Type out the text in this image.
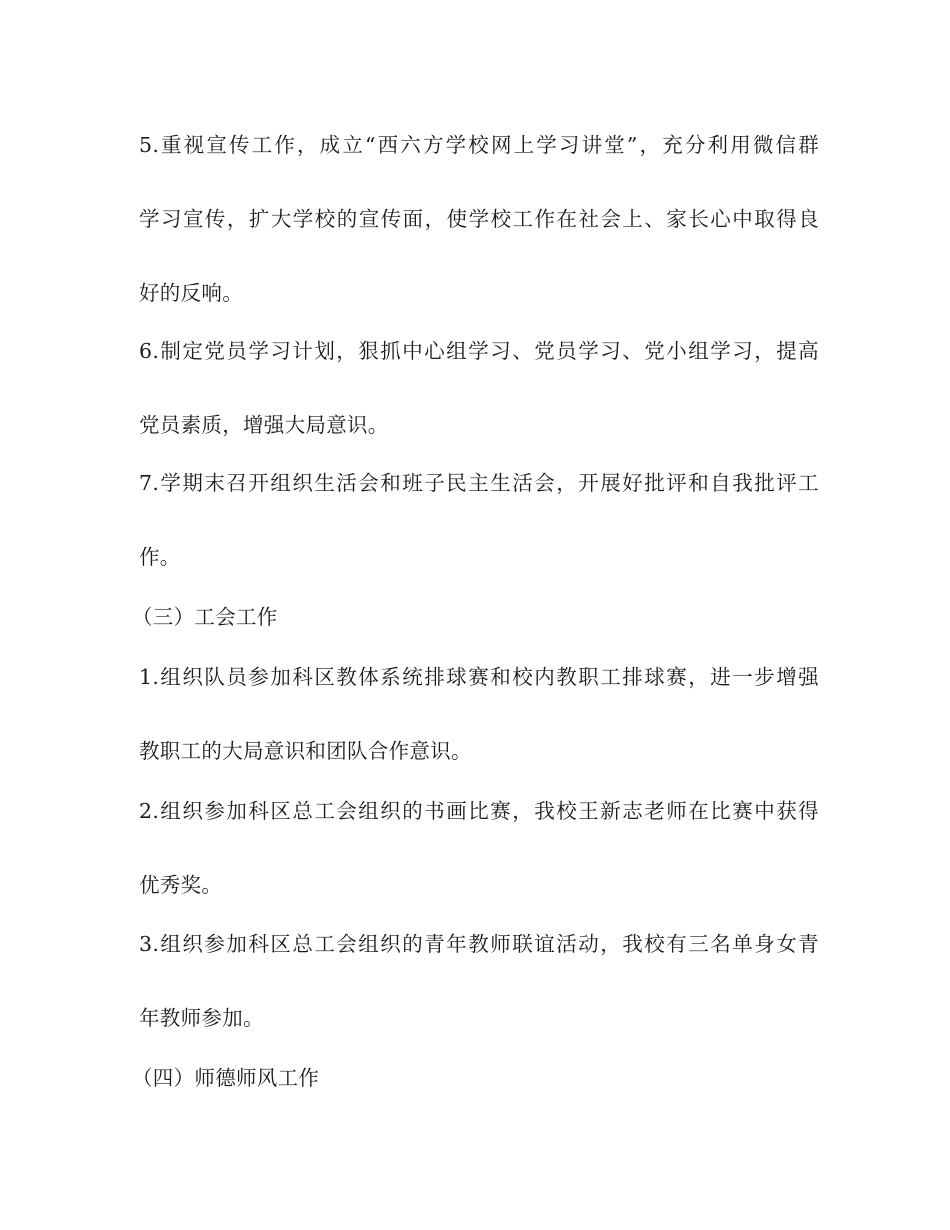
5.重视宣传工作，成立“西六方学校网上学习讲堂”，充分利用微信群
学习宣传，扩大学校的宣传面，使学校工作在社会上、家长心中取得良
好的反响。
6.制定党员学习计划，狠抓中心组学习、党员学习、党小组学习，提高
党员素质，增强大局意识。
7.学期末召开组织生活会和班子民主生活会，开展好批评和自我批评工
作。
（三）工会工作
1.组织队员参加科区教体系统排球赛和校内教职工排球赛，进一步增强
教职工的大局意识和团队合作意识。
2.组织参加科区总工会组织的书画比赛，我校王新志老师在比赛中获得
优秀奖。
3.组织参加科区总工会组织的青年教师联谊活动，我校有三名单身女青
年教师参加。
（四）师德师风工作
